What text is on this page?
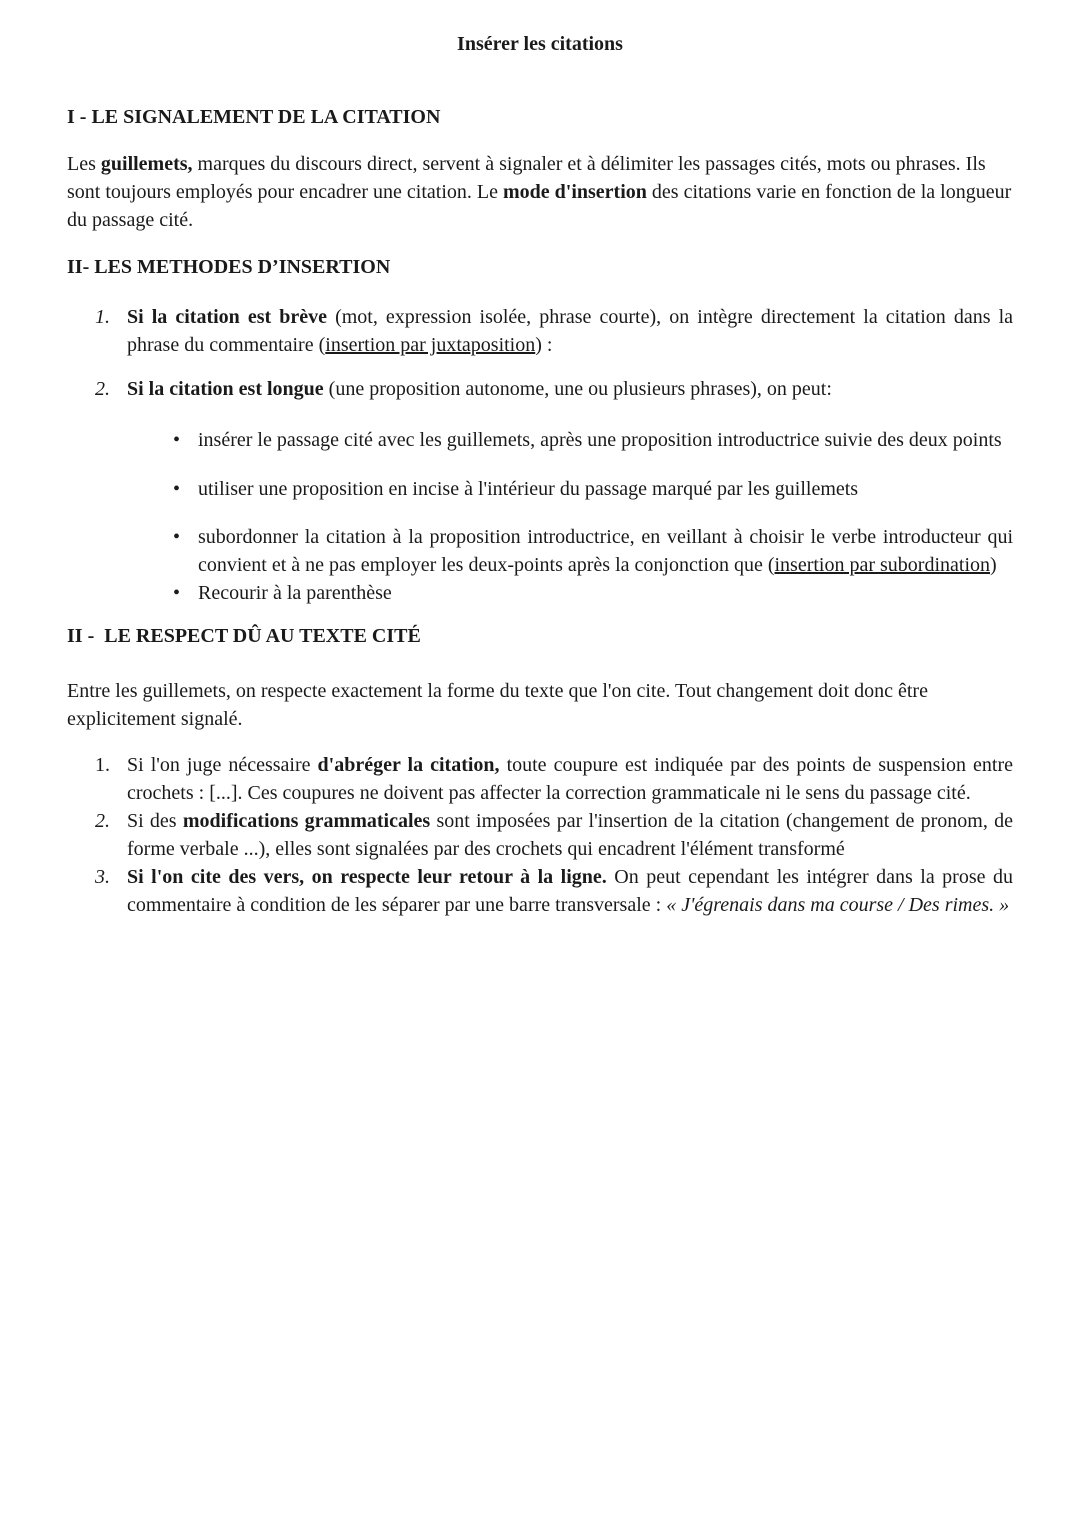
Insérer les citations
I - LE SIGNALEMENT DE LA CITATION

Les guillemets, marques du discours direct, servent à signaler et à délimiter les passages cités, mots ou phrases. Ils sont toujours employés pour encadrer une citation. Le mode d'insertion des citations varie en fonction de la longueur du passage cité.

II- LES METHODES D’INSERTION
1. Si la citation est brève (mot, expression isolée, phrase courte), on intègre directement la citation dans la phrase du commentaire (insertion par juxtaposition) :
2. Si la citation est longue (une proposition autonome, une ou plusieurs phrases), on peut:
• insérer le passage cité avec les guillemets, après une proposition introductrice suivie des deux points
• utiliser une proposition en incise à l'intérieur du passage marqué par les guillemets
• subordonner la citation à la proposition introductrice, en veillant à choisir le verbe introducteur qui convient et à ne pas employer les deux-points après la conjonction que (insertion par subordination)
• Recourir à la parenthèse
II -  LE RESPECT DÛ AU TEXTE CITÉ

Entre les guillemets, on respecte exactement la forme du texte que l'on cite. Tout changement doit donc être explicitement signalé.

1. Si l'on juge nécessaire d'abréger la citation, toute coupure est indiquée par des points de suspension entre crochets : [...]. Ces coupures ne doivent pas affecter la correction grammaticale ni le sens du passage cité.
2. Si des modifications grammaticales sont imposées par l'insertion de la citation (changement de pronom, de forme verbale ...), elles sont signalées par des crochets qui encadrent l'élément transformé
3. Si l'on cite des vers, on respecte leur retour à la ligne. On peut cependant les intégrer dans la prose du commentaire à condition de les séparer par une barre transversale : « J'égrenais dans ma course / Des rimes. »
